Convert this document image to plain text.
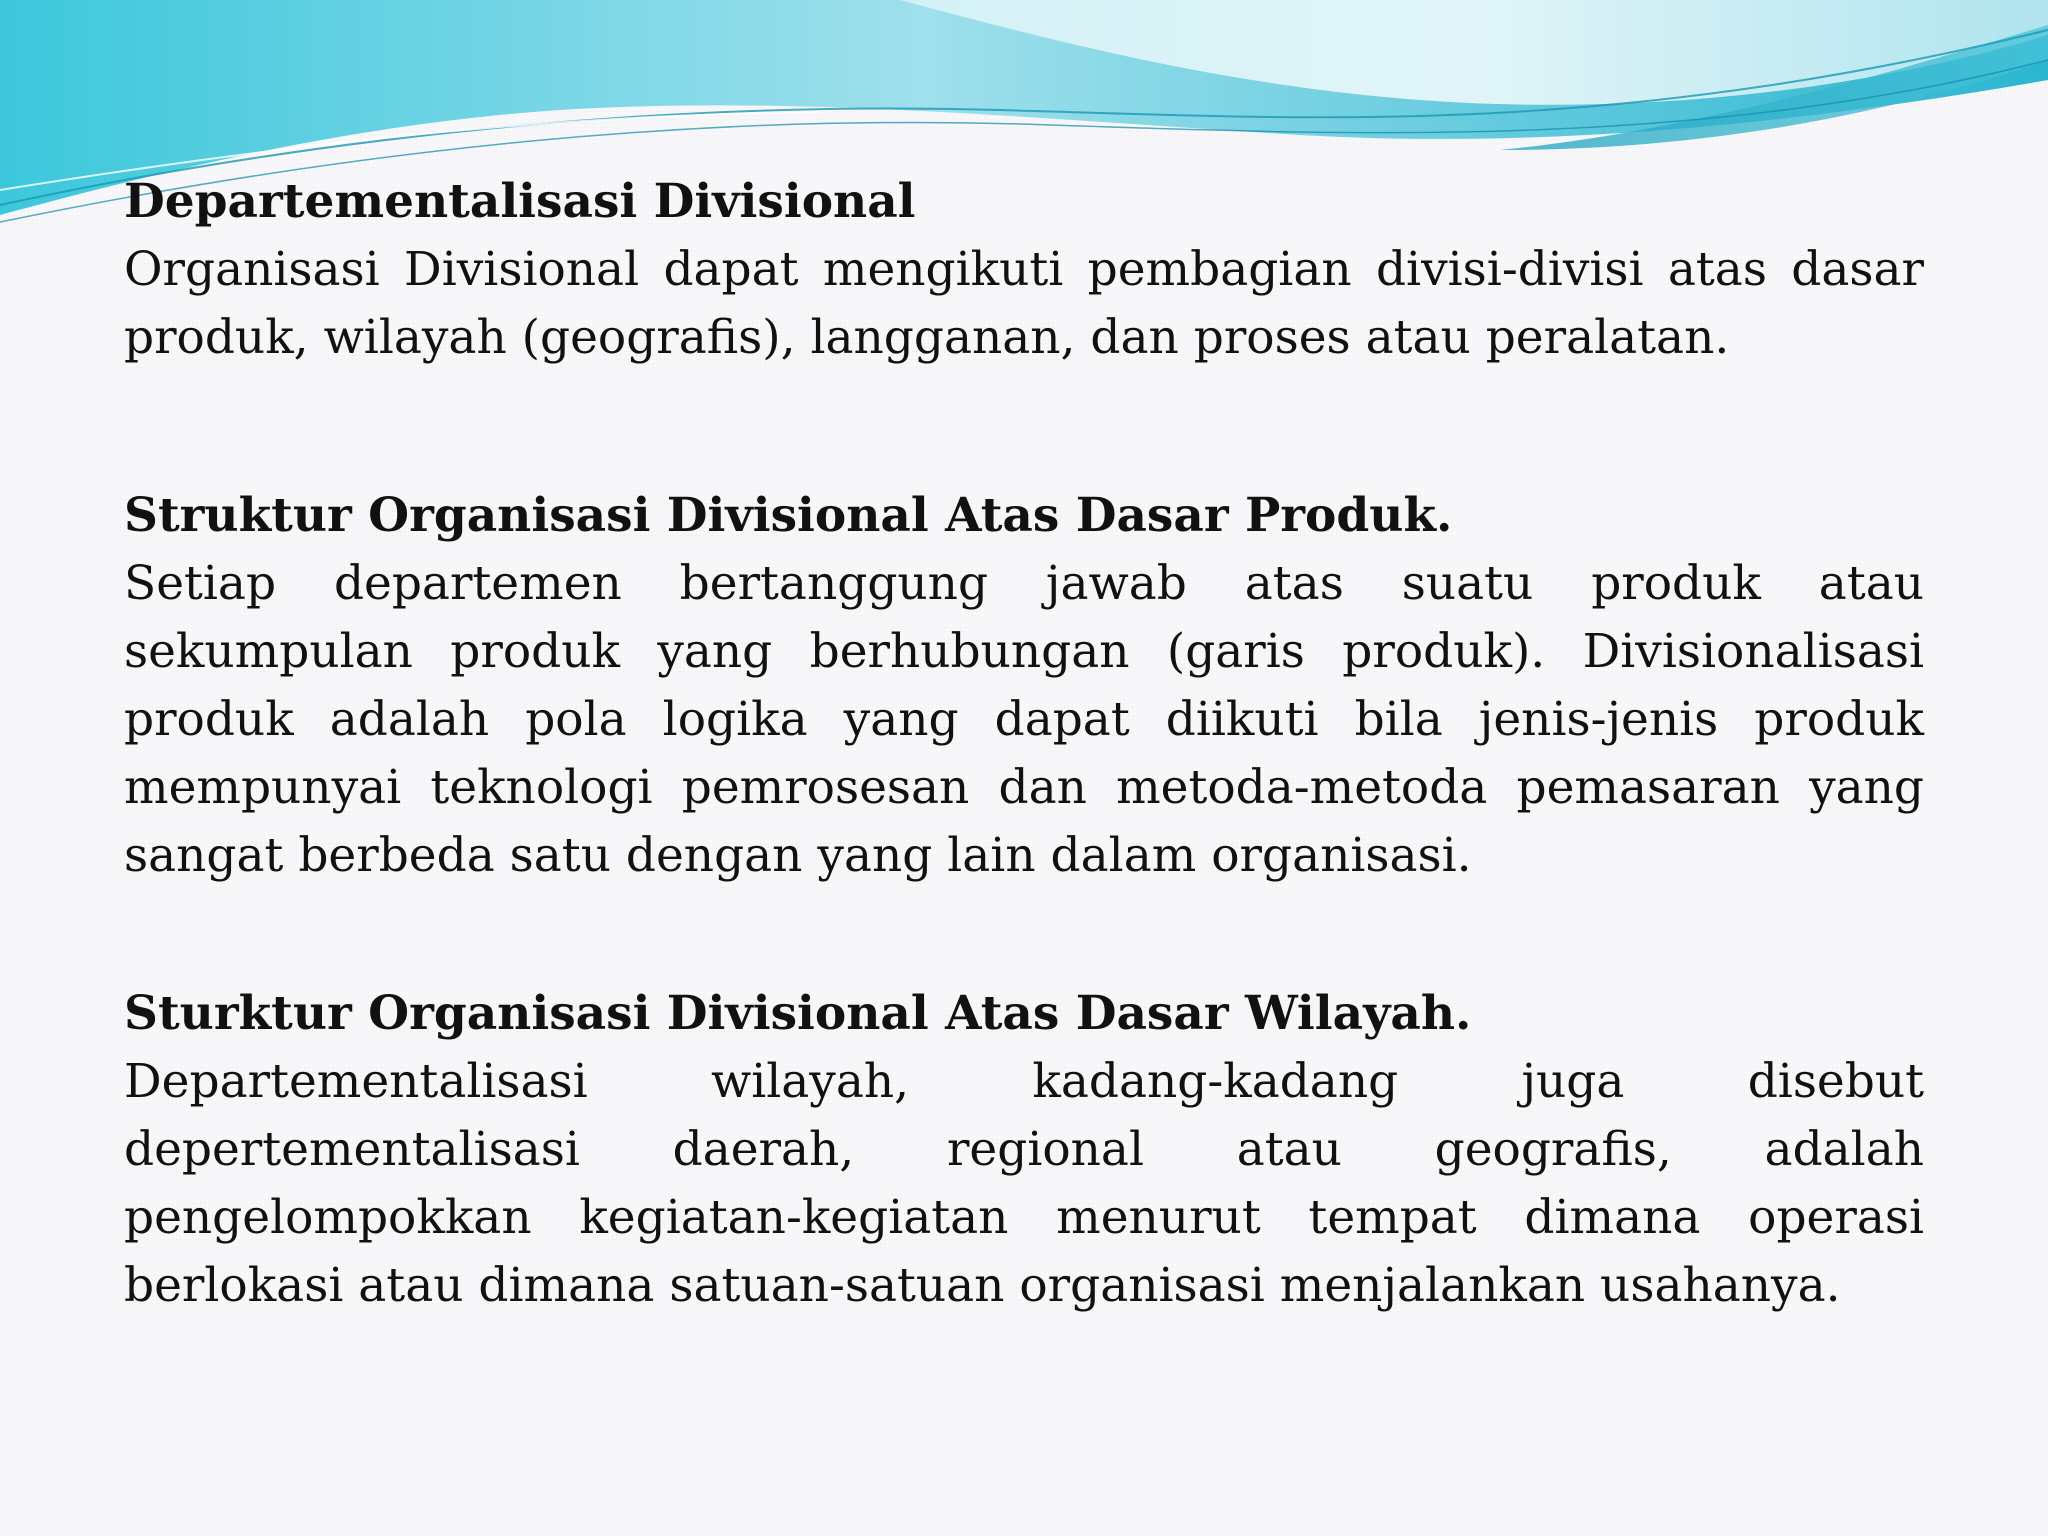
Departementalisasi Divisional

Organisasi Divisional dapat mengikuti pembagian divisi-divisi atas dasar produk, wilayah (geografis), langganan, dan proses atau peralatan.

Struktur Organisasi Divisional Atas Dasar Produk.

Setiap departemen bertanggung jawab atas suatu produk atau sekumpulan produk yang berhubungan (garis produk). Divisionalisasi produk adalah pola logika yang dapat diikuti bila jenis-jenis produk mempunyai teknologi pemrosesan dan metoda-metoda pemasaran yang sangat berbeda satu dengan yang lain dalam organisasi.

Sturktur Organisasi Divisional Atas Dasar Wilayah.

Departementalisasi wilayah, kadang-kadang juga disebut depertementalisasi daerah, regional atau geografis, adalah pengelompokkan kegiatan-kegiatan menurut tempat dimana operasi berlokasi atau dimana satuan-satuan organisasi menjalankan usahanya.
